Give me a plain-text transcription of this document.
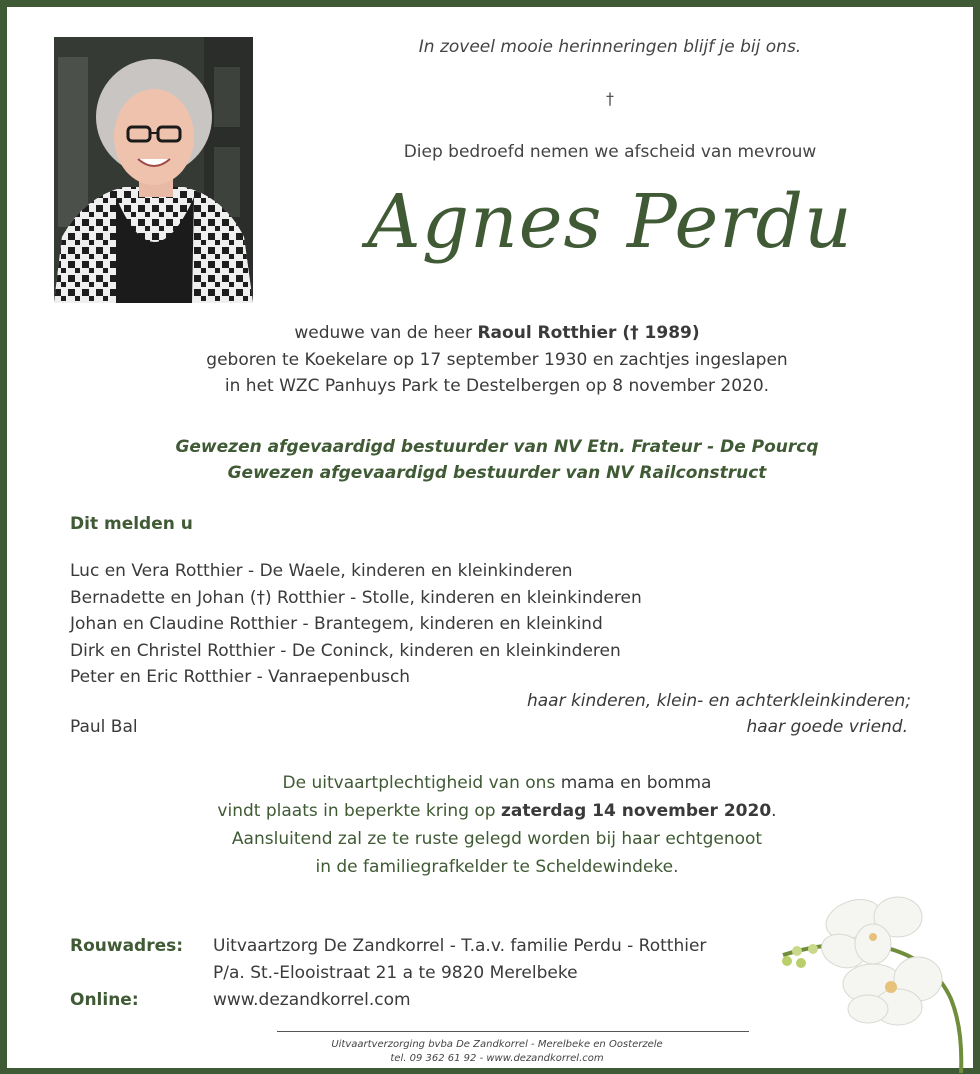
In zoveel mooie herinneringen blijf je bij ons.
†
Diep bedroefd nemen we afscheid van mevrouw
Agnes Perdu
weduwe van de heer Raoul Rotthier († 1989)
geboren te Koekelare op 17 september 1930 en zachtjes ingeslapen
in het WZC Panhuys Park te Destelbergen op 8 november 2020.
Gewezen afgevaardigd bestuurder van NV Etn. Frateur - De Pourcq
Gewezen afgevaardigd bestuurder van NV Railconstruct
Dit melden u
Luc en Vera Rotthier - De Waele, kinderen en kleinkinderen
Bernadette en Johan (†) Rotthier - Stolle, kinderen en kleinkinderen
Johan en Claudine Rotthier - Brantegem, kinderen en kleinkind
Dirk en Christel Rotthier - De Coninck, kinderen en kleinkinderen
Peter en Eric Rotthier - Vanraepenbusch
haar kinderen, klein- en achterkleinkinderen;
Paul Bal	haar goede vriend.
De uitvaartplechtigheid van ons mama en bomma
vindt plaats in beperkte kring op zaterdag 14 november 2020.
Aansluitend zal ze te ruste gelegd worden bij haar echtgenoot
in de familiegrafkelder te Scheldewindeke.
Rouwadres: Uitvaartzorg De Zandkorrel - T.a.v. familie Perdu - Rotthier
P/a. St.-Elooistraat 21 a te 9820 Merelbeke
Online:	www.dezandkorrel.com
Uitvaartverzorging bvba De Zandkorrel - Merelbeke en Oosterzele
tel. 09 362 61 92 - www.dezandkorrel.com
